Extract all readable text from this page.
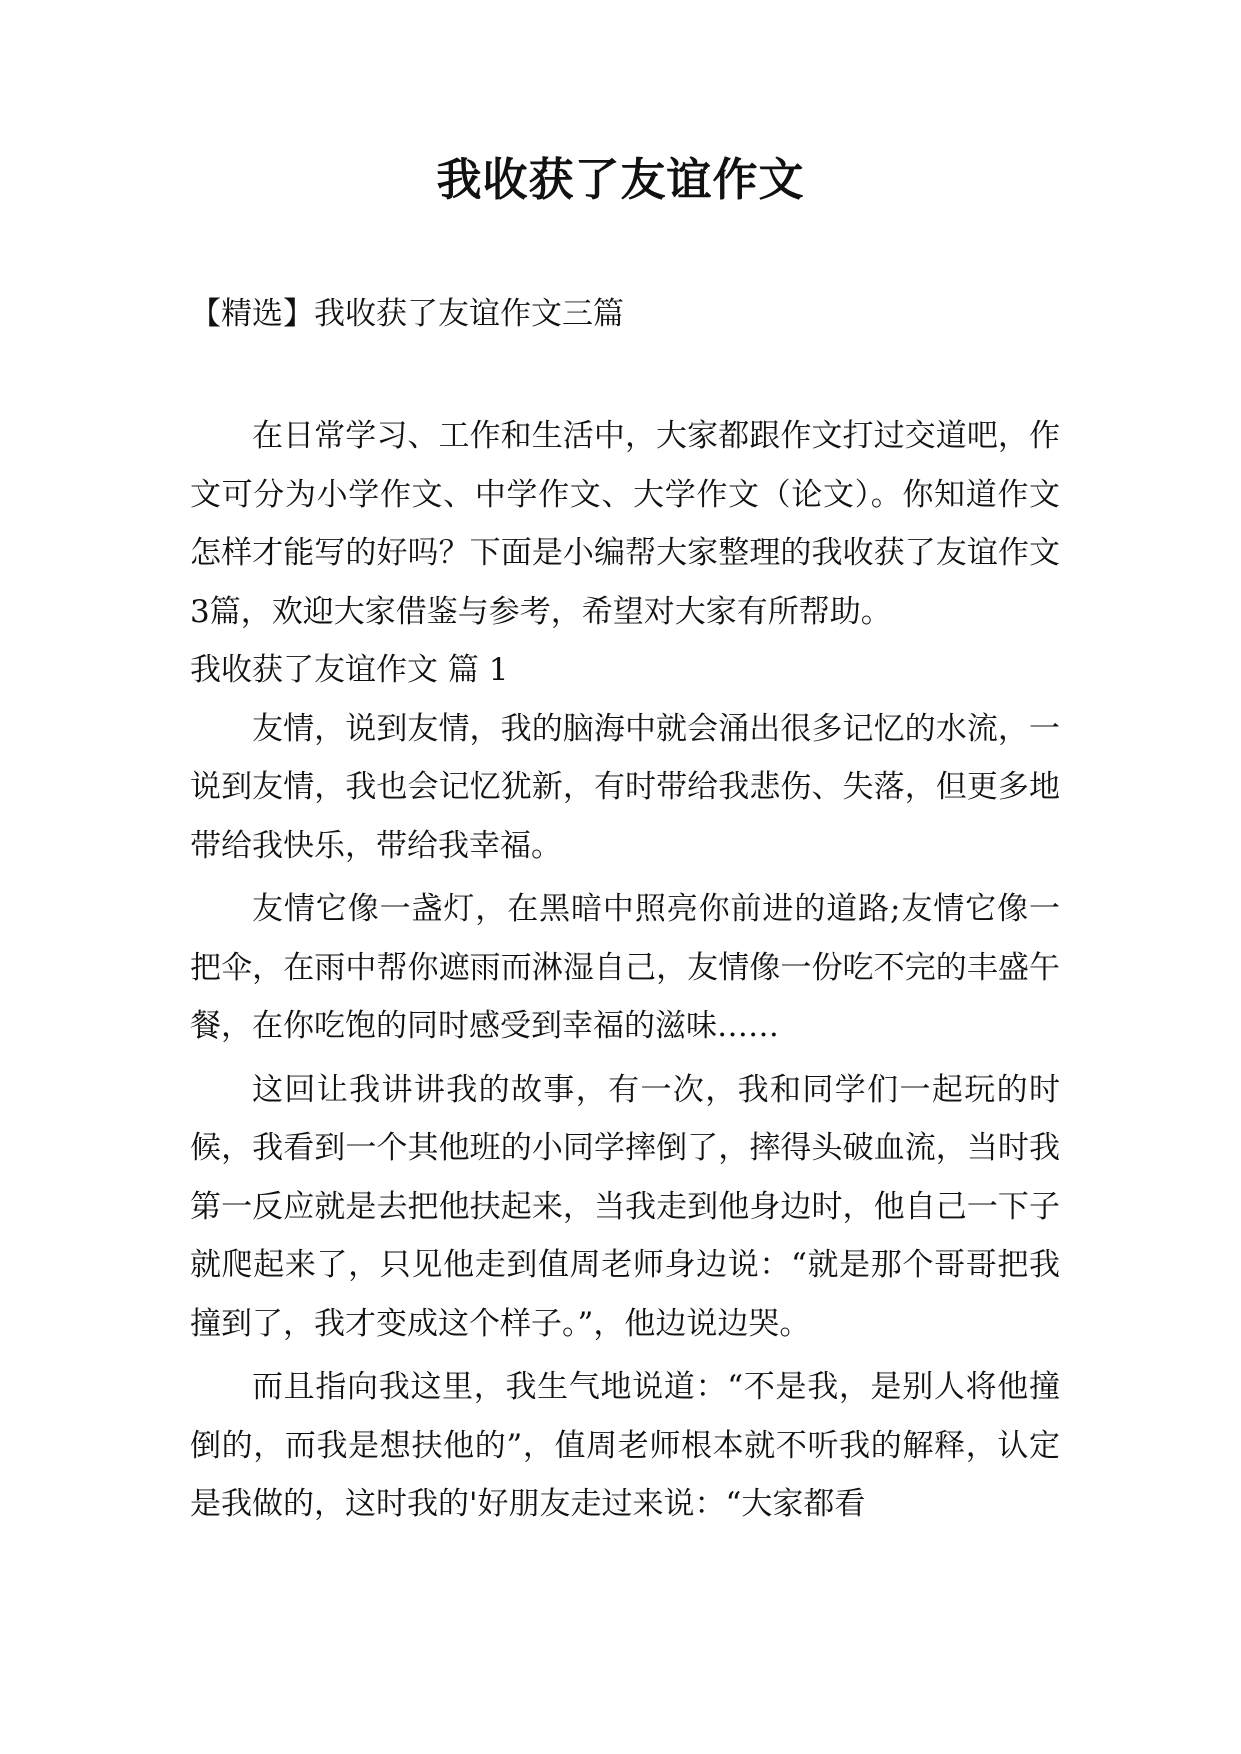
我收获了友谊作文
【精选】我收获了友谊作文三篇

在日常学习、工作和生活中，大家都跟作文打过交道吧，作文可分为小学作文、中学作文、大学作文（论文）。你知道作文怎样才能写的好吗？下面是小编帮大家整理的我收获了友谊作文3篇，欢迎大家借鉴与参考，希望对大家有所帮助。

我收获了友谊作文 篇 1

友情，说到友情，我的脑海中就会涌出很多记忆的水流，一说到友情，我也会记忆犹新，有时带给我悲伤、失落，但更多地带给我快乐，带给我幸福。

友情它像一盏灯，在黑暗中照亮你前进的道路;友情它像一把伞，在雨中帮你遮雨而淋湿自己，友情像一份吃不完的丰盛午餐，在你吃饱的同时感受到幸福的滋味……

这回让我讲讲我的故事，有一次，我和同学们一起玩的时候，我看到一个其他班的小同学摔倒了，摔得头破血流，当时我第一反应就是去把他扶起来，当我走到他身边时，他自己一下子就爬起来了，只见他走到值周老师身边说：“就是那个哥哥把我撞到了，我才变成这个样子。”，他边说边哭。

而且指向我这里，我生气地说道：“不是我，是别人将他撞倒的，而我是想扶他的”，值周老师根本就不听我的解释，认定是我做的，这时我的'好朋友走过来说：“大家都看
